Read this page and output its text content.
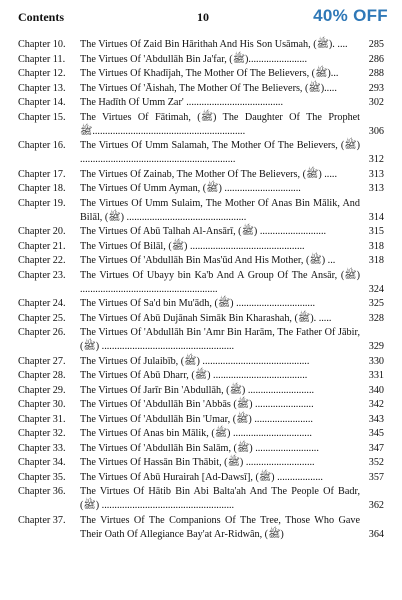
Contents	10	40% OFF
Chapter 10.	The Virtues Of Zaid Bin Hārithah And His Son Usāmah, (ﷺ). ....	285
Chapter 11.	The Virtues Of 'Abdullāh Bin Ja'far, (ﷺ).......................	286
Chapter 12.	The Virtues Of Khadījah, The Mother Of The Believers, (ﷺ)...	288
Chapter 13.	The Virtues Of 'Āishah, The Mother Of The Believers, (ﷺ).....	293
Chapter 14.	The Hadīth Of Umm Zar' ......................................	302
Chapter 15.	The Virtues Of Fātimah, (ﷺ) The Daughter Of The Prophet ﷺ............................................................	306
Chapter 16.	The Virtues Of Umm Salamah, The Mother Of The Believers, (ﷺ) .............................................................	312
Chapter 17.	The Virtues Of Zainab, The Mother Of The Believers, (ﷺ) .....	313
Chapter 18.	The Virtues Of Umm Ayman, (ﷺ) ..............................	313
Chapter 19.	The Virtues Of Umm Sulaim, The Mother Of Anas Bin Mālik, And Bilāl, (ﷺ) ...............................................	314
Chapter 20.	The Virtues Of Abū Talhah Al-Ansārī, (ﷺ) ..........................	315
Chapter 21.	The Virtues Of Bilāl, (ﷺ) .............................................	318
Chapter 22.	The Virtues Of 'Abdullāh Bin Mas'ūd And His Mother, (ﷺ) ...	318
Chapter 23.	The Virtues Of Ubayy bin Ka'b And A Group Of The Ansār, (ﷺ) ......................................................	324
Chapter 24.	The Virtues Of Sa'd bin Mu'ādh, (ﷺ) ...............................	325
Chapter 25.	The Virtues Of Abū Dujānah Simāk Bin Kharashah, (ﷺ). .....	328
Chapter 26.	The Virtues Of 'Abdullāh Bin 'Amr Bin Harām, The Father Of Jābir, (ﷺ) ....................................................	329
Chapter 27.	The Virtues Of Julaibīb, (ﷺ) ..........................................	330
Chapter 28.	The Virtues Of Abū Dharr, (ﷺ) .....................................	331
Chapter 29.	The Virtues Of Jarīr Bin 'Abdullāh, (ﷺ) ..........................	340
Chapter 30.	The Virtues Of 'Abdullāh Bin 'Abbās (ﷺ) .......................	342
Chapter 31.	The Virtues Of 'Abdullāh Bin 'Umar, (ﷺ) .......................	343
Chapter 32.	The Virtues Of Anas bin Mālik, (ﷺ) ...............................	345
Chapter 33.	The Virtues Of 'Abdullāh Bin Salām, (ﷺ) .........................	347
Chapter 34.	The Virtues Of Hassān Bin Thābit, (ﷺ) ...........................	352
Chapter 35.	The Virtues Of Abū Hurairah [Ad-Dawsī], (ﷺ) ..................	357
Chapter 36.	The Virtues Of Hātib Bin Abi Balta'ah And The People Of Badr, (ﷺ) ....................................................	362
Chapter 37.	The Virtues Of The Companions Of The Tree, Those Who Gave Their Oath Of Allegiance Bay'at Ar-Ridwân, (ﷺ)	364
